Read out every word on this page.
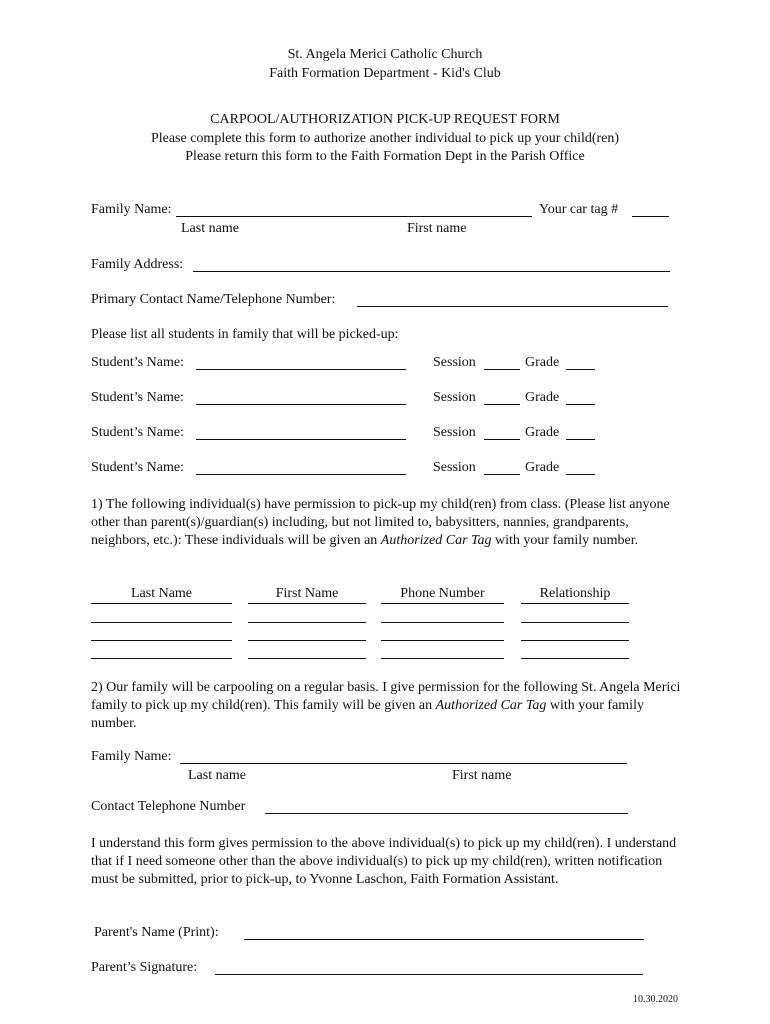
St. Angela Merici Catholic Church
Faith Formation Department - Kid's Club
CARPOOL/AUTHORIZATION PICK-UP REQUEST FORM
Please complete this form to authorize another individual to pick up your child(ren)
Please return this form to the Faith Formation Dept in the Parish Office
Family Name:	Your car tag #
Last name	First name
Family Address:
Primary Contact Name/Telephone Number:
Please list all students in family that will be picked-up:
Student’s Name:	Session	Grade
Student’s Name:	Session	Grade
Student’s Name:	Session	Grade
Student’s Name:	Session	Grade
1) The following individual(s) have permission to pick-up my child(ren) from class. (Please list anyone other than parent(s)/guardian(s) including, but not limited to, babysitters, nannies, grandparents, neighbors, etc.): These individuals will be given an Authorized Car Tag with your family number.
Last Name	First Name	Phone Number	Relationship
2) Our family will be carpooling on a regular basis. I give permission for the following St. Angela Merici family to pick up my child(ren). This family will be given an Authorized Car Tag with your family number.
Family Name:
Last name	First name
Contact Telephone Number
I understand this form gives permission to the above individual(s) to pick up my child(ren). I understand that if I need someone other than the above individual(s) to pick up my child(ren), written notification must be submitted, prior to pick-up, to Yvonne Laschon, Faith Formation Assistant.
Parent's Name (Print):
Parent’s Signature:
10.30.2020
